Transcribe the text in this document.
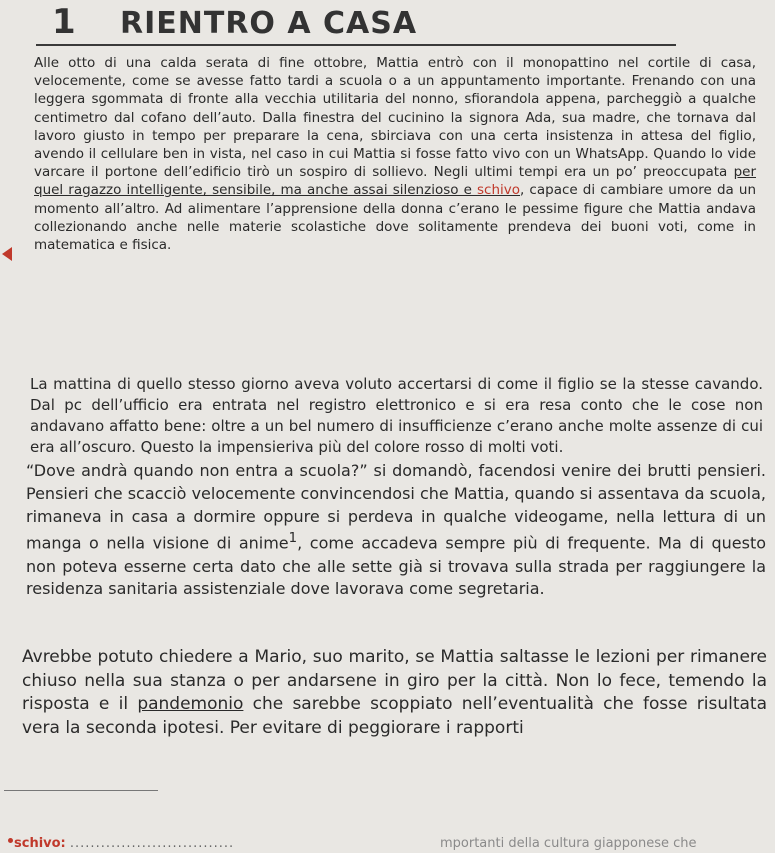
1 RIENTRO A CASA
Alle otto di una calda serata di fine ottobre, Mattia entrò con il monopattino nel cortile di casa, velocemente, come se avesse fatto tardi a scuola o a un appuntamento importante. Frenando con una leggera sgommata di fronte alla vecchia utilitaria del nonno, sfiorandola appena, parcheggiò a qualche centimetro dal cofano dell’auto. Dalla finestra del cucinino la signora Ada, sua madre, che tornava dal lavoro giusto in tempo per preparare la cena, sbirciava con una certa insistenza in attesa del figlio, avendo il cellulare ben in vista, nel caso in cui Mattia si fosse fatto vivo con un WhatsApp. Quando lo vide varcare il portone dell’edificio tirò un sospiro di sollievo. Negli ultimi tempi era un po’ preoccupata per quel ragazzo intelligente, sensibile, ma anche assai silenzioso e schivo, capace di cambiare umore da un momento all’altro. Ad alimentare l’apprensione della donna c’erano le pessime figure che Mattia andava collezionando anche nelle materie scolastiche dove solitamente prendeva dei buoni voti, come in matematica e fisica.
La mattina di quello stesso giorno aveva voluto accertarsi di come il figlio se la stesse cavando. Dal pc dell’ufficio era entrata nel registro elettronico e si era resa conto che le cose non andavano affatto bene: oltre a un bel numero di insufficienze c’erano anche molte assenze di cui era all’oscuro. Questo la impensieriva più del colore rosso di molti voti.
“Dove andrà quando non entra a scuola?” si domandò, facendosi venire dei brutti pensieri. Pensieri che scacciò velocemente convincendosi che Mattia, quando si assentava da scuola, rimaneva in casa a dormire oppure si perdeva in qualche videogame, nella lettura di un manga o nella visione di anime$^1$, come accadeva sempre più di frequente. Ma di questo non poteva esserne certa dato che alle sette già si trovava sulla strada per raggiungere la residenza sanitaria assistenziale dove lavorava come segretaria.
Avrebbe potuto chiedere a Mario, suo marito, se Mattia saltasse le lezioni per rimanere chiuso nella sua stanza o per andarsene in giro per la città. Non lo fece, temendo la risposta e il pandemonio che sarebbe scoppiato nell’eventualità che fosse risultata vera la seconda ipotesi. Per evitare di peggiorare i rapporti
schivo: ................................	mportanti della cultura giapponese che
